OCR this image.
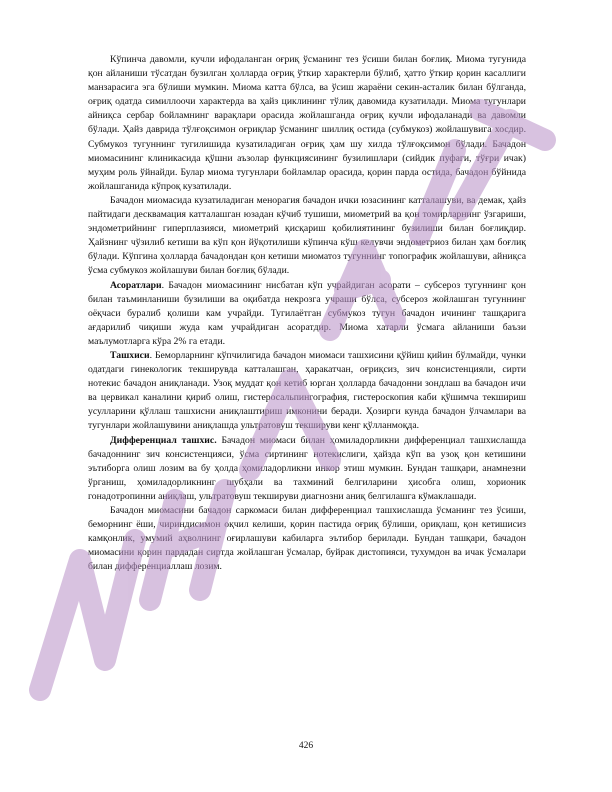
Кўпинча давомли, кучли ифодаланган оғриқ ўсманинг тез ўсиши билан боғлиқ. Миома тугунида қон айланиши тўсатдан бузилган ҳолларда оғриқ ўткир характерли бўлиб, ҳатто ўткир қорин касаллиги манзарасига эга бўлиши мумкин. Миома катта бўлса, ва ўсиш жараёни секин-асталик билан бўлганда, оғриқ одатда симиллоочи характерда ва ҳайз циклининг тўлиқ давомида кузатилади. Миома тугунлари айниқса сербар бойламнинг варақлари орасида жойлашганда оғриқ кучли ифодаланади ва давомли бўлади. Ҳайз давридa тўлғоқсимон оғриқлар ўсманинг шиллиқ остида (субмукоз) жойлашувига хосдир. Субмукоз тугуннинг тугилишида кузатиладиган оғриқ ҳам шу хилда тўлғоқсимон бўлади. Бачадон миомасининг клиникасида қўшни аъзолар функциясининг бузилишлари (сийдик пуфаги, тўғри ичак) муҳим роль ўйнайди. Булар миома тугунлари бойламлар орасида, қорин парда остида, бачадон бўйнида жойлашганида кўпроқ кузатилади.

Бачадон миомасида кузатиладиган менорагия бачадон ички юзасининг катталашуви, ва демак, ҳайз пайтидаги десквамация катталашган юзадан кўчиб тушиши, миометрий ва қон томирларнинг ўзгариши, эндометрийнинг гиперплазияси, миометрий қисқариш қобилиятининг бузилиши билан боғлиқдир. Ҳайзнинг чўзилиб кетиши ва кўп қон йўқотилиши кўпинча кўш келувчи эндометриоз билан ҳам боғлиқ бўлади. Кўпгина ҳолларда бачадондан қон кетиши миоматоз тугуннинг топографик жойлашуви, айниқса ўсма субмукоз жойлашуви билан боғлиқ бўлади.

Асоратлари. Бачадон миомасининг нисбатан кўп учрайдиган асорати – субсероз тугуннинг қон билан таъминланиши бузилиши ва оқибатда некрозга учраши бўлса, субсероз жойлашган тугуннинг оёқчаси буралиб қолиши кам учрайди. Тугилаётган субмукоз тугун бачадон ичининг ташқарига ағдарилиб чиқиши жуда кам учрайдиган асоратдир. Миома хатарли ўсмага айланиши баъзи маълумотларга кўра 2% га етади.

Ташхиси. Беморларнинг кўпчилигида бачадон миомаси ташхисини қўйиш қийин бўлмайди, чунки одатдаги гинекологик текширувда катталашган, ҳаракатчан, оғриқсиз, зич консистенцияли, сирти нотекис бачадон аниқланади. Узоқ муддат қон кетиб юрган ҳолларда бачадонни зондлаш ва бачадон ичи ва цервикал каналини қириб олиш, гистеросальпингография, гистероскопия каби қўшимча текшириш усулларини қўллаш ташхисни аниқлаштириш имконини беради. Ҳозирги кунда бачадон ўлчамлари ва тугунлари жойлашувини аниқлашда ультратовуш текшируви кенг қўлланмоқда.

Дифференциал ташхис. Бачадон миомаси билан ҳомиладорликни дифференциал ташхислашда бачадоннинг зич консистенцияси, ўсма сиртининг нотекислиги, ҳайзда кўп ва узоқ қон кетишини эътиборга олиш лозим ва бу ҳолда ҳомиладорликни инкор этиш мумкин. Бундан ташқари, анамнезни ўрганиш, ҳомиладорликнинг шубҳали ва тахминий белгиларини ҳисобга олиш, хорионик гонадотропинни аниқлаш, ультратовуш текшируви диагнозни аниқ белгилашга кўмаклашади.

Бачадон миомасини бачадон саркомаси билан дифференциал ташхислашда ўсманинг тез ўсиши, беморнинг ёши, чириндисимон оқчил келиши, қорин пастида оғриқ бўлиши, ориқлаш, қон кетишисиз камқонлик, умумий аҳволнинг оғирлашуви кабиларга эътибор берилади. Бундан ташқари, бачадон миомасини қорин пардадан сиртда жойлашган ўсмалар, буйрак дистопияси, тухумдон ва ичак ўсмалари билан дифференциаллаш лозим.

426
